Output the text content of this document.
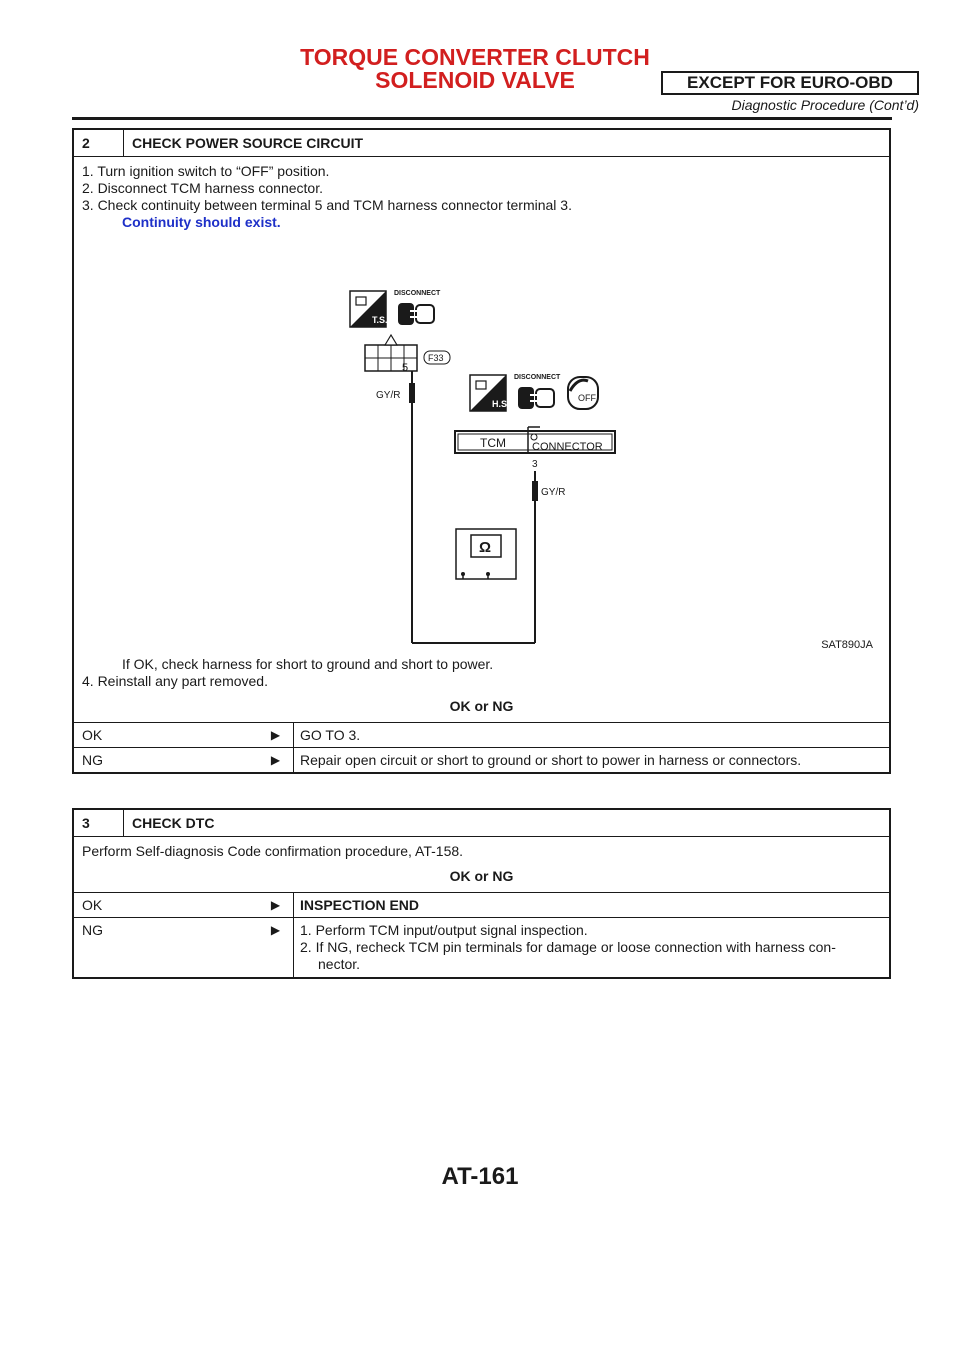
TORQUE CONVERTER CLUTCH
SOLENOID VALVE	EXCEPT FOR EURO-OBD
Diagnostic Procedure (Cont’d)
2	CHECK POWER SOURCE CIRCUIT
1. Turn ignition switch to “OFF” position.
2. Disconnect TCM harness connector.
3. Check continuity between terminal 5 and TCM harness connector terminal 3.
Continuity should exist.
T.S.
DISCONNECT
5
F33
GY/R
H.S.
DISCONNECT
OFF
TCM CONNECTOR
3
GY/R
Ω
SAT890JA
If OK, check harness for short to ground and short to power.
4. Reinstall any part removed.
OK or NG
OK	▶	GO TO 3.
NG	▶	Repair open circuit or short to ground or short to power in harness or connectors.
3	CHECK DTC
Perform Self-diagnosis Code confirmation procedure, AT-158.
OK or NG
OK	▶	INSPECTION END
NG	▶	1. Perform TCM input/output signal inspection.
2. If NG, recheck TCM pin terminals for damage or loose connection with harness con-
nector.
AT-161
